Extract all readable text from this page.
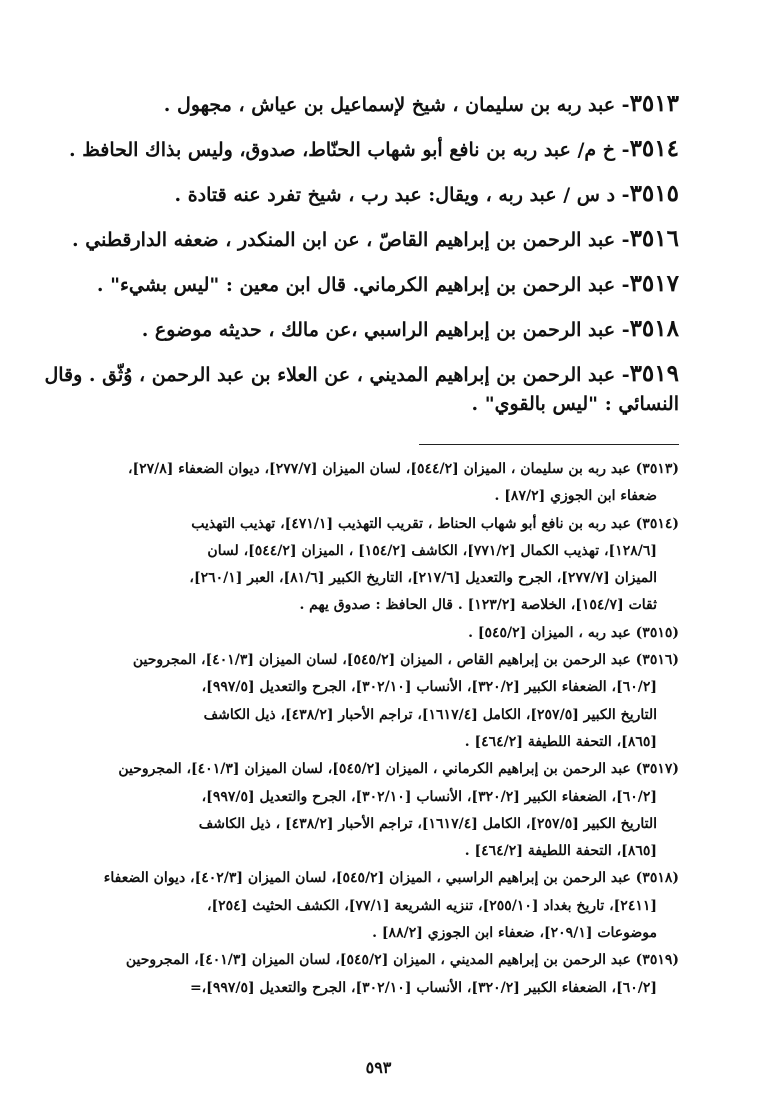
٣٥١٣- عبد ربه بن سليمان ، شيخ لإسماعيل بن عياش ، مجهول .

٣٥١٤- خ م/ عبد ربه بن نافع أبو شهاب الحنّاط، صدوق، وليس بذاك الحافظ .

٣٥١٥- د س / عبد ربه ، ويقال: عبد رب ، شيخ تفرد عنه قتادة .

٣٥١٦- عبد الرحمن بن إبراهيم القاصّ ، عن ابن المنكدر ، ضعفه الدارقطني .

٣٥١٧- عبد الرحمن بن إبراهيم الكرماني. قال ابن معين : "ليس بشيء" .

٣٥١٨- عبد الرحمن بن إبراهيم الراسبي ،عن مالك ، حديثه موضوع .

٣٥١٩- عبد الرحمن بن إبراهيم المديني ، عن العلاء بن عبد الرحمن ، وُثّق . وقال
النسائي : "ليس بالقوي" .

(٣٥١٣) عبد ربه بن سليمان ، الميزان [٥٤٤/٢]، لسان الميزان [٢٧٧/٧]، ديوان الضعفاء [٢٧/٨]،
ضعفاء ابن الجوزي [٨٧/٢] .

(٣٥١٤) عبد ربه بن نافع أبو شهاب الحناط ، تقريب التهذيب [٤٧١/١]، تهذيب التهذيب
[١٢٨/٦]، تهذيب الكمال [٧٧١/٢]، الكاشف [١٥٤/٢] ، الميزان [٥٤٤/٢]، لسان
الميزان [٢٧٧/٧]، الجرح والتعديل [٢١٧/٦]، التاريخ الكبير [٨١/٦]، العبر [٢٦٠/١]،
ثقات [١٥٤/٧]، الخلاصة [١٢٣/٢] . قال الحافظ : صدوق يهم .

(٣٥١٥) عبد ربه ، الميزان [٥٤٥/٢] .

(٣٥١٦) عبد الرحمن بن إبراهيم القاص ، الميزان [٥٤٥/٢]، لسان الميزان [٤٠١/٣]، المجروحين
[٦٠/٢]، الضعفاء الكبير [٣٢٠/٢]، الأنساب [٣٠٢/١٠]، الجرح والتعديل [٩٩٧/٥]،
التاريخ الكبير [٢٥٧/٥]، الكامل [١٦١٧/٤]، تراجم الأحبار [٤٣٨/٢]، ذيل الكاشف
[٨٦٥]، التحفة اللطيفة [٤٦٤/٢] .

(٣٥١٧) عبد الرحمن بن إبراهيم الكرماني ، الميزان [٥٤٥/٢]، لسان الميزان [٤٠١/٣]، المجروحين
[٦٠/٢]، الضعفاء الكبير [٣٢٠/٢]، الأنساب [٣٠٢/١٠]، الجرح والتعديل [٩٩٧/٥]،
التاريخ الكبير [٢٥٧/٥]، الكامل [١٦١٧/٤]، تراجم الأحبار [٤٣٨/٢] ، ذيل الكاشف
[٨٦٥]، التحفة اللطيفة [٤٦٤/٢] .

(٣٥١٨) عبد الرحمن بن إبراهيم الراسبي ، الميزان [٥٤٥/٢]، لسان الميزان [٤٠٢/٣]، ديوان الضعفاء
[٢٤١١]، تاريخ بغداد [٢٥٥/١٠]، تنزيه الشريعة [٧٧/١]، الكشف الحثيث [٢٥٤]،
موضوعات [٢٠٩/١]، ضعفاء ابن الجوزي [٨٨/٢] .

(٣٥١٩) عبد الرحمن بن إبراهيم المديني ، الميزان [٥٤٥/٢]، لسان الميزان [٤٠١/٣]، المجروحين
[٦٠/٢]، الضعفاء الكبير [٣٢٠/٢]، الأنساب [٣٠٢/١٠]، الجرح والتعديل [٩٩٧/٥]،=

٥٩٣
